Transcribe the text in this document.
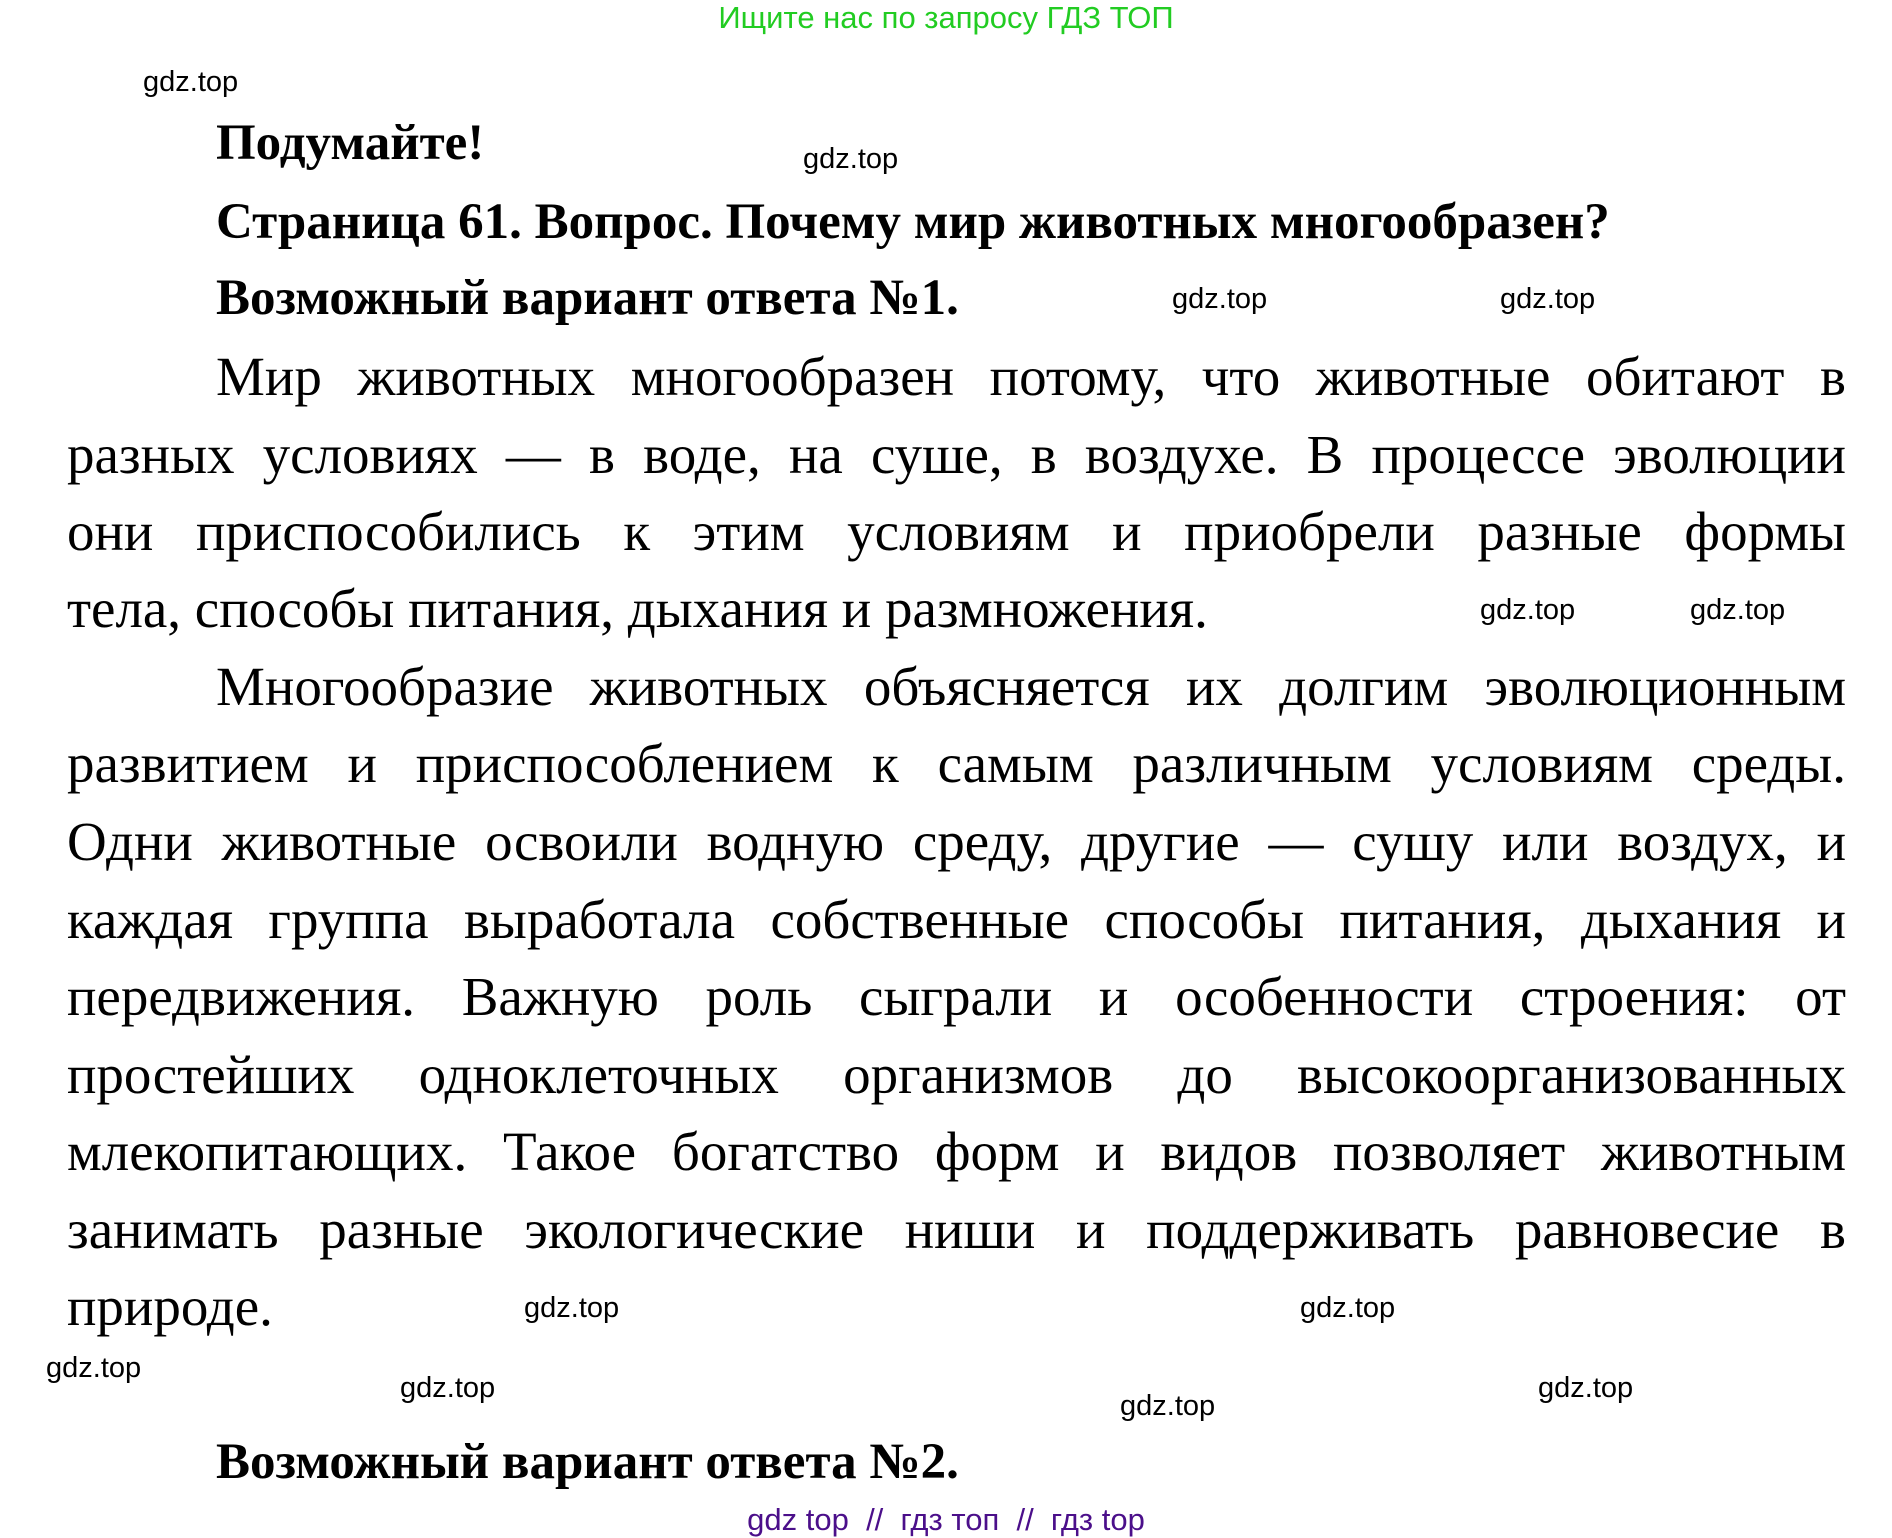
Ищите нас по запросу ГДЗ ТОП
Подумайте!
Страница 61. Вопрос. Почему мир животных многообразен?
Возможный вариант ответа №1.
Мир животных многообразен потому, что животные обитают в
разных условиях — в воде, на суше, в воздухе. В процессе эволюции
они приспособились к этим условиям и приобрели разные формы
тела, способы питания, дыхания и размножения.
Многообразие животных объясняется их долгим эволюционным
развитием и приспособлением к самым различным условиям среды.
Одни животные освоили водную среду, другие — сушу или воздух, и
каждая группа выработала собственные способы питания, дыхания и
передвижения. Важную роль сыграли и особенности строения: от
простейших одноклеточных организмов до высокоорганизованных
млекопитающих. Такое богатство форм и видов позволяет животным
занимать разные экологические ниши и поддерживать равновесие в
природе.
Возможный вариант ответа №2.
gdz.top
gdz.top
gdz.top	gdz.top
gdz.top	gdz.top
gdz.top
gdz.top	gdz.top
gdz.top
gdz.top
gdz.top
gdz top  //  гдз топ  //  гдз top
